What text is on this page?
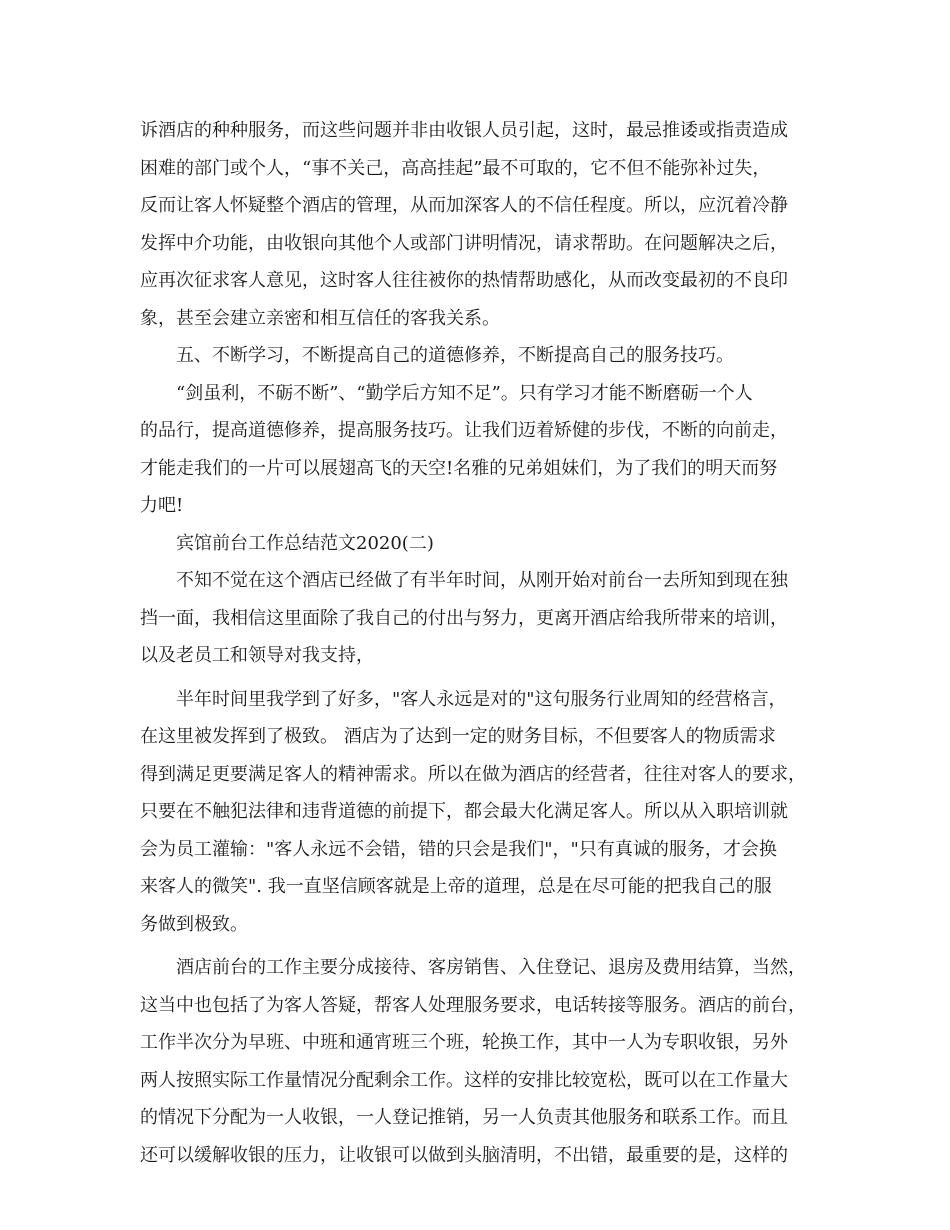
诉酒店的种种服务，而这些问题并非由收银人员引起，这时，最忌推诿或指责造成
困难的部门或个人，“事不关己，高高挂起”最不可取的，它不但不能弥补过失，
反而让客人怀疑整个酒店的管理，从而加深客人的不信任程度。所以，应沉着冷静
发挥中介功能，由收银向其他个人或部门讲明情况，请求帮助。在问题解决之后，
应再次征求客人意见，这时客人往往被你的热情帮助感化，从而改变最初的不良印
象，甚至会建立亲密和相互信任的客我关系。

五、不断学习，不断提高自己的道德修养，不断提高自己的服务技巧。

“剑虽利，不砺不断”、“勤学后方知不足”。只有学习才能不断磨砺一个人
的品行，提高道德修养，提高服务技巧。让我们迈着矫健的步伐，不断的向前走，
才能走我们的一片可以展翅高飞的天空!名雅的兄弟姐妹们，为了我们的明天而努
力吧!

宾馆前台工作总结范文2020(二)

不知不觉在这个酒店已经做了有半年时间，从刚开始对前台一去所知到现在独
挡一面，我相信这里面除了我自己的付出与努力，更离开酒店给我所带来的培训，
以及老员工和领导对我支持，

半年时间里我学到了好多，"客人永远是对的"这句服务行业周知的经营格言，
在这里被发挥到了极致。 酒店为了达到一定的财务目标，不但要客人的物质需求
得到满足更要满足客人的精神需求。所以在做为酒店的经营者，往往对客人的要求，
只要在不触犯法律和违背道德的前提下，都会最大化满足客人。所以从入职培训就
会为员工灌输："客人永远不会错，错的只会是我们"，"只有真诚的服务，才会换
来客人的微笑". 我一直坚信顾客就是上帝的道理，总是在尽可能的把我自己的服
务做到极致。

酒店前台的工作主要分成接待、客房销售、入住登记、退房及费用结算，当然，
这当中也包括了为客人答疑，帮客人处理服务要求，电话转接等服务。酒店的前台，
工作半次分为早班、中班和通宵班三个班，轮换工作，其中一人为专职收银，另外
两人按照实际工作量情况分配剩余工作。这样的安排比较宽松，既可以在工作量大
的情况下分配为一人收银，一人登记推销，另一人负责其他服务和联系工作。而且
还可以缓解收银的压力，让收银可以做到头脑清明，不出错，最重要的是，这样的
